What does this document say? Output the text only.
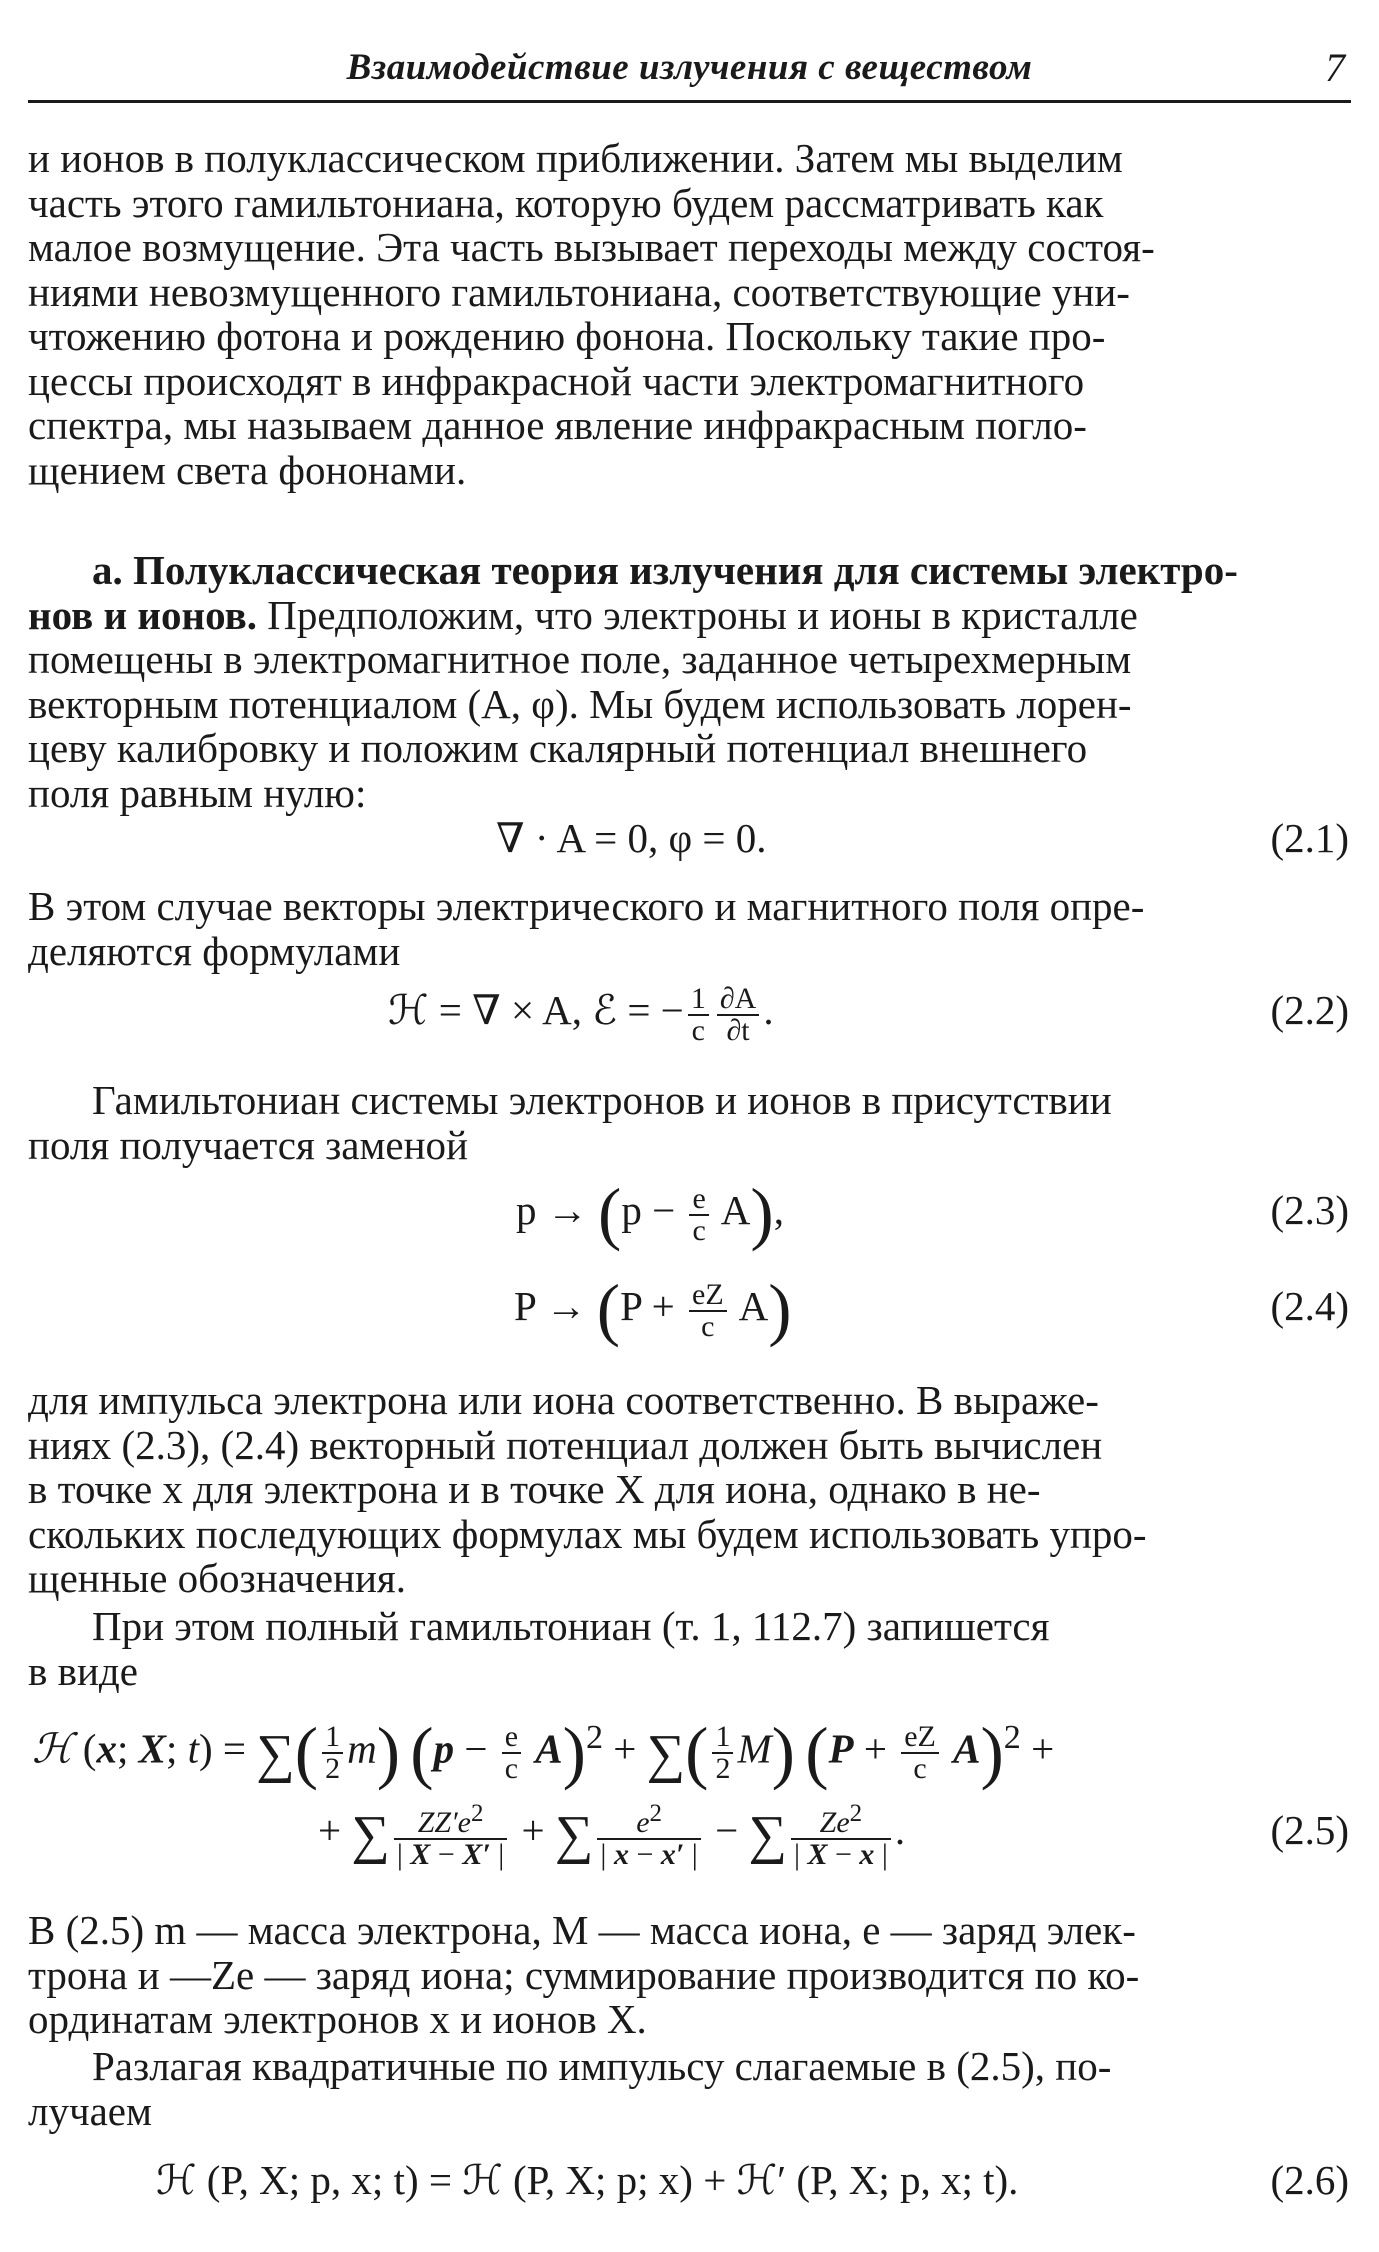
Взаимодействие излучения с веществом	7
и ионов в полуклассическом приближении. Затем мы выделим
часть этого гамильтониана, которую будем рассматривать как
малое возмущение. Эта часть вызывает переходы между состоя-
ниями невозмущенного гамильтониана, соответствующие уни-
чтожению фотона и рождению фонона. Поскольку такие про-
цессы происходят в инфракрасной части электромагнитного
спектра, мы называем данное явление инфракрасным погло-
щением света фононами.
а. Полуклассическая теория излучения для системы электро-
нов и ионов. Предположим, что электроны и ионы в кристалле
помещены в электромагнитное поле, заданное четырехмерным
векторным потенциалом (A, φ). Мы будем использовать лорен-
цеву калибровку и положим скалярный потенциал внешнего
поля равным нулю:
∇ · A = 0, φ = 0.	(2.1)
В этом случае векторы электрического и магнитного поля опре-
деляются формулами
ℋ = ∇ × A, ℰ = − $\frac{1}{c} \frac{\partial A}{\partial t}$ .	(2.2)
Гамильтониан системы электронов и ионов в присутствии
поля получается заменой
$p \to (p - \frac{e}{c} A)$,	(2.3)
$P \to (P + \frac{eZ}{c} A)$	(2.4)
для импульса электрона или иона соответственно. В выраже-
ниях (2.3), (2.4) векторный потенциал должен быть вычислен
в точке x для электрона и в точке X для иона, однако в не-
скольких последующих формулах мы будем использовать упро-
щенные обозначения.
При этом полный гамильтониан (т. 1, 112.7) запишется
в виде
ℋ (x; X; t) = ∑( $\frac{1}{2} m$) $(p - \frac{e}{c} A)^2$ + ∑( $\frac{1}{2} M$) $(P + \frac{eZ}{c} A)^2$ +
+ ∑ $\frac{ZZ'e^2}{| X - X' |}$ + ∑ $\frac{e^2}{| x - x' |}$ − ∑ $\frac{Ze^2}{| X - x |}$ .	(2.5)
В (2.5) m — масса электрона, M — масса иона, e — заряд элек-
трона и —Ze — заряд иона; суммирование производится по ко-
ординатам электронов x и ионов X.
Разлагая квадратичные по импульсу слагаемые в (2.5), по-
лучаем
ℋ (P, X; p, x; t) = ℋ (P, X; p; x) + ℋ′ (P, X; p, x; t).	(2.6)
